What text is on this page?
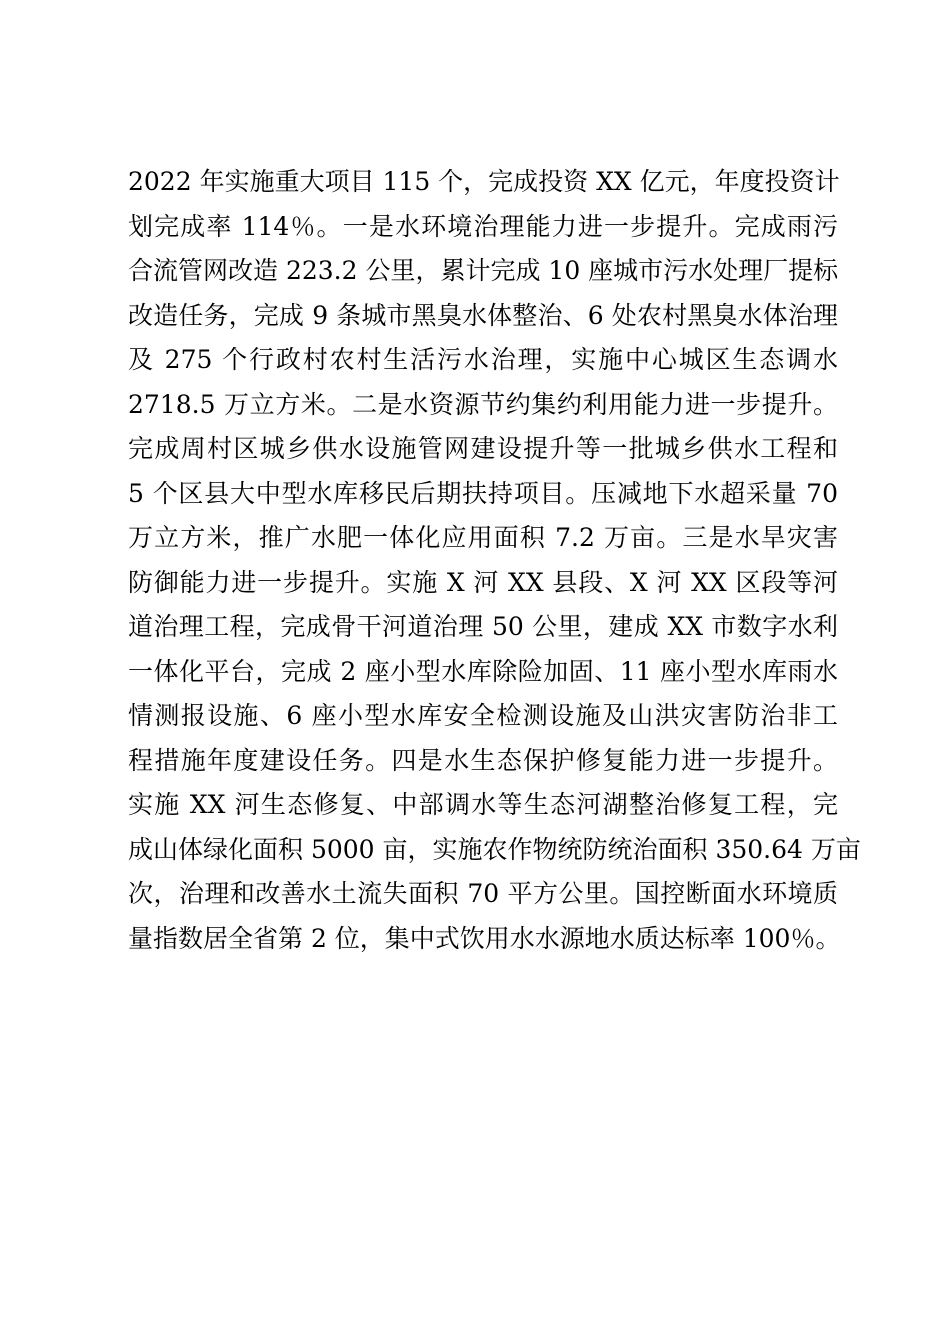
2022 年实施重大项目 115 个，完成投资 XX 亿元，年度投资计
划完成率 114％。一是水环境治理能力进一步提升。完成雨污
合流管网改造 223.2 公里，累计完成 10 座城市污水处理厂提标
改造任务，完成 9 条城市黑臭水体整治、6 处农村黑臭水体治理
及 275 个行政村农村生活污水治理，实施中心城区生态调水
2718.5 万立方米。二是水资源节约集约利用能力进一步提升。
完成周村区城乡供水设施管网建设提升等一批城乡供水工程和
5 个区县大中型水库移民后期扶持项目。压减地下水超采量 70
万立方米，推广水肥一体化应用面积 7.2 万亩。三是水旱灾害
防御能力进一步提升。实施 X 河 XX 县段、X 河 XX 区段等河
道治理工程，完成骨干河道治理 50 公里，建成 XX 市数字水利
一体化平台，完成 2 座小型水库除险加固、11 座小型水库雨水
情测报设施、6 座小型水库安全检测设施及山洪灾害防治非工
程措施年度建设任务。四是水生态保护修复能力进一步提升。
实施 XX 河生态修复、中部调水等生态河湖整治修复工程，完
成山体绿化面积 5000 亩，实施农作物统防统治面积 350.64 万亩
次，治理和改善水土流失面积 70 平方公里。国控断面水环境质
量指数居全省第 2 位，集中式饮用水水源地水质达标率 100％。
